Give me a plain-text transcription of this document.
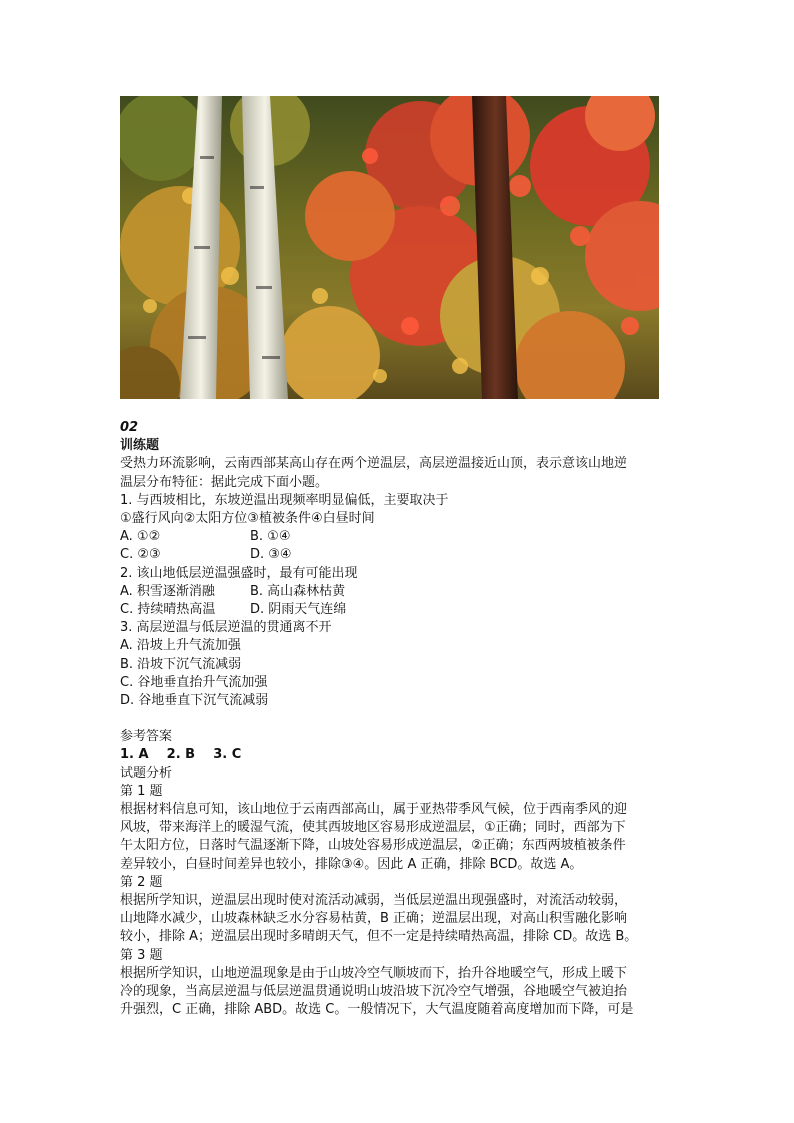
02
训练题
受热力环流影响，云南西部某高山存在两个逆温层，高层逆温接近山顶，表示意该山地逆
温层分布特征：据此完成下面小题。
1. 与西坡相比，东坡逆温出现频率明显偏低，主要取决于
①盛行风向②太阳方位③植被条件④白昼时间
A. ①②	B. ①④
C. ②③	D. ③④
2. 该山地低层逆温强盛时，最有可能出现
A. 积雪逐渐消融	B. 高山森林枯黄
C. 持续晴热高温	D. 阴雨天气连绵
3. 高层逆温与低层逆温的贯通离不开
A. 沿坡上升气流加强
B. 沿坡下沉气流减弱
C. 谷地垂直抬升气流加强
D. 谷地垂直下沉气流减弱
参考答案
1. A    2. B    3. C
试题分析
第 1 题
根据材料信息可知，该山地位于云南西部高山，属于亚热带季风气候，位于西南季风的迎
风坡，带来海洋上的暖湿气流，使其西坡地区容易形成逆温层，①正确；同时，西部为下
午太阳方位，日落时气温逐渐下降，山坡处容易形成逆温层，②正确；东西两坡植被条件
差异较小，白昼时间差异也较小，排除③④。因此 A 正确，排除 BCD。故选 A。
第 2 题
根据所学知识，逆温层出现时使对流活动减弱，当低层逆温出现强盛时，对流活动较弱，
山地降水减少，山坡森林缺乏水分容易枯黄，B 正确；逆温层出现，对高山积雪融化影响
较小，排除 A；逆温层出现时多晴朗天气，但不一定是持续晴热高温，排除 CD。故选 B。
第 3 题
根据所学知识，山地逆温现象是由于山坡冷空气顺坡而下，抬升谷地暖空气，形成上暖下
冷的现象，当高层逆温与低层逆温贯通说明山坡沿坡下沉冷空气增强，谷地暖空气被迫抬
升强烈，C 正确，排除 ABD。故选 C。一般情况下，大气温度随着高度增加而下降，可是
